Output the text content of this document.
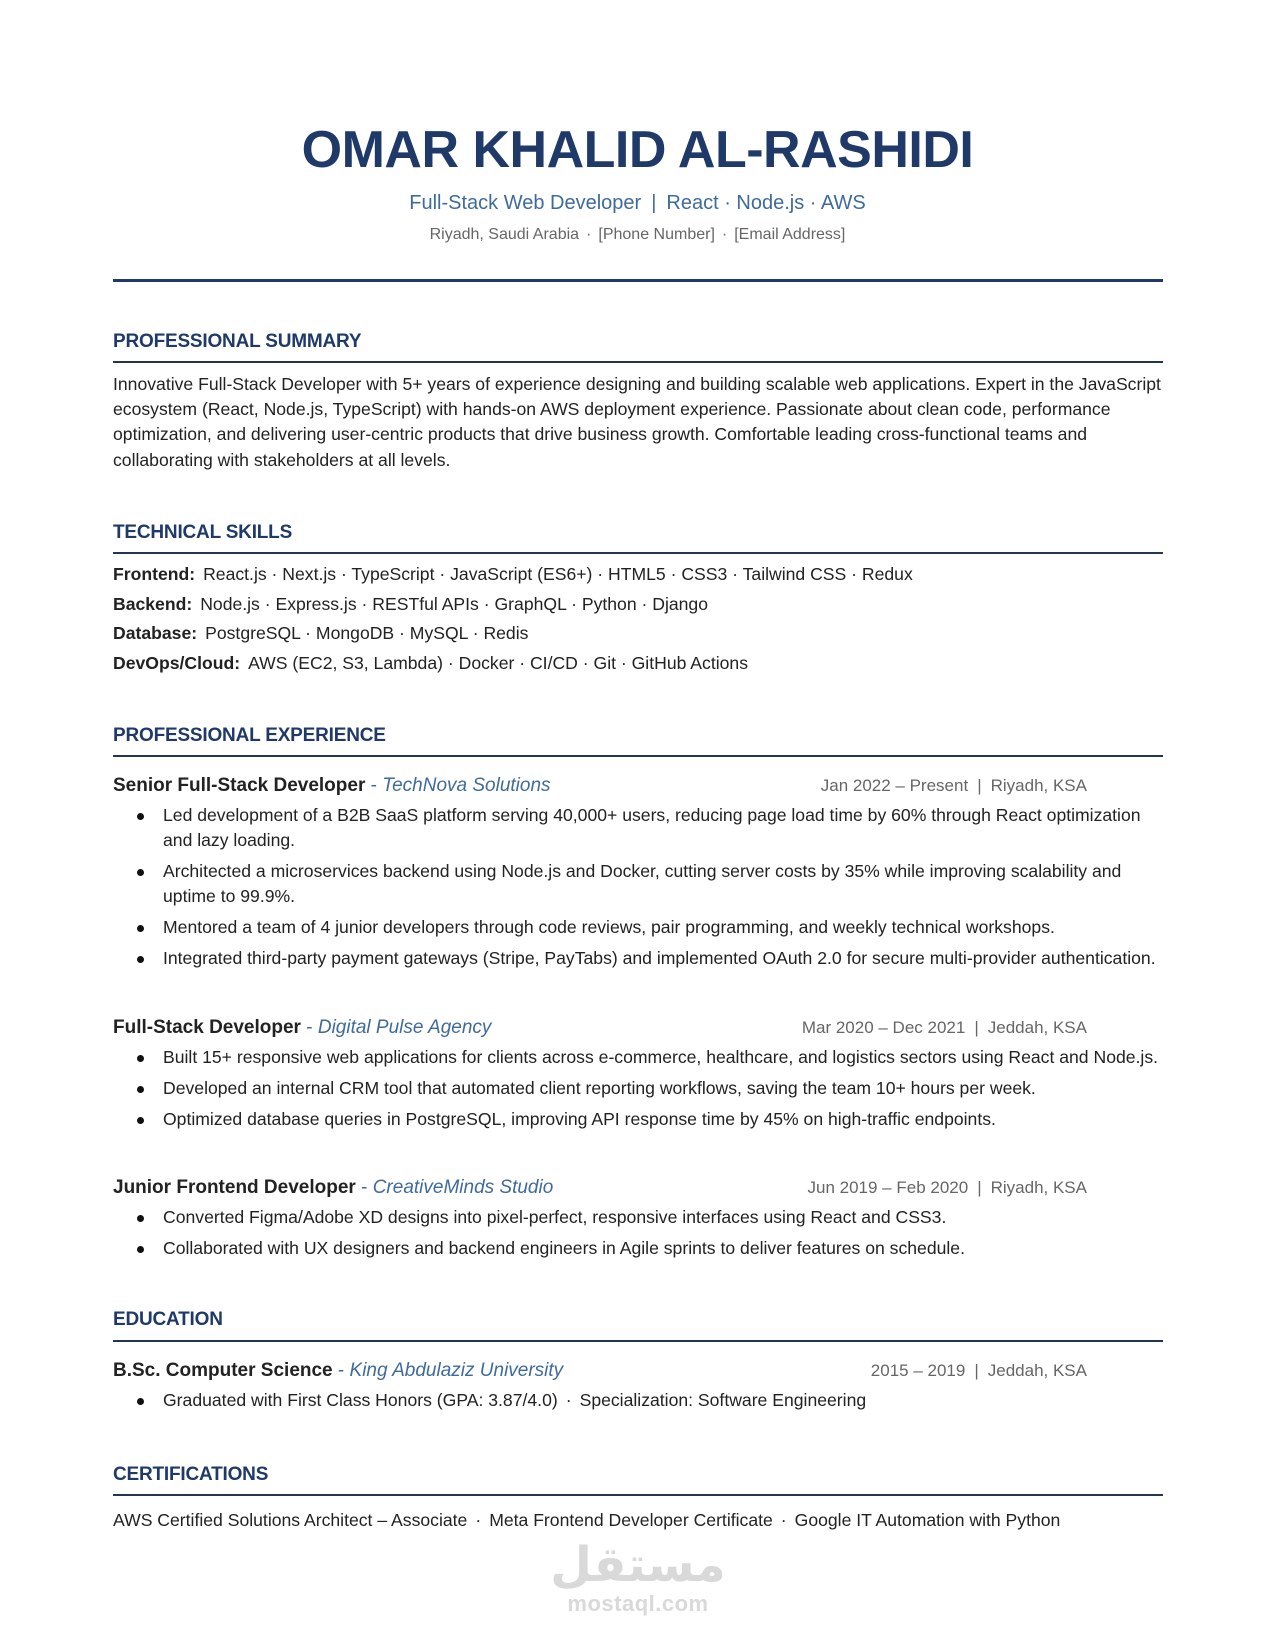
OMAR KHALID AL-RASHIDI
Full-Stack Web Developer | React · Node.js · AWS
Riyadh, Saudi Arabia · [Phone Number] · [Email Address]
PROFESSIONAL SUMMARY
Innovative Full-Stack Developer with 5+ years of experience designing and building scalable web applications. Expert in the JavaScript ecosystem (React, Node.js, TypeScript) with hands-on AWS deployment experience. Passionate about clean code, performance optimization, and delivering user-centric products that drive business growth. Comfortable leading cross-functional teams and collaborating with stakeholders at all levels.
TECHNICAL SKILLS
Frontend: React.js · Next.js · TypeScript · JavaScript (ES6+) · HTML5 · CSS3 · Tailwind CSS · Redux
Backend: Node.js · Express.js · RESTful APIs · GraphQL · Python · Django
Database: PostgreSQL · MongoDB · MySQL · Redis
DevOps/Cloud: AWS (EC2, S3, Lambda) · Docker · CI/CD · Git · GitHub Actions
PROFESSIONAL EXPERIENCE
Senior Full-Stack Developer - TechNova Solutions	Jan 2022 – Present | Riyadh, KSA
Led development of a B2B SaaS platform serving 40,000+ users, reducing page load time by 60% through React optimization and lazy loading.
Architected a microservices backend using Node.js and Docker, cutting server costs by 35% while improving scalability and uptime to 99.9%.
Mentored a team of 4 junior developers through code reviews, pair programming, and weekly technical workshops.
Integrated third-party payment gateways (Stripe, PayTabs) and implemented OAuth 2.0 for secure multi-provider authentication.
Full-Stack Developer - Digital Pulse Agency	Mar 2020 – Dec 2021 | Jeddah, KSA
Built 15+ responsive web applications for clients across e-commerce, healthcare, and logistics sectors using React and Node.js.
Developed an internal CRM tool that automated client reporting workflows, saving the team 10+ hours per week.
Optimized database queries in PostgreSQL, improving API response time by 45% on high-traffic endpoints.
Junior Frontend Developer - CreativeMinds Studio	Jun 2019 – Feb 2020 | Riyadh, KSA
Converted Figma/Adobe XD designs into pixel-perfect, responsive interfaces using React and CSS3.
Collaborated with UX designers and backend engineers in Agile sprints to deliver features on schedule.
EDUCATION
B.Sc. Computer Science - King Abdulaziz University	2015 – 2019 | Jeddah, KSA
Graduated with First Class Honors (GPA: 3.87/4.0) · Specialization: Software Engineering
CERTIFICATIONS
AWS Certified Solutions Architect – Associate · Meta Frontend Developer Certificate · Google IT Automation with Python
مستقل
mostaql.com
